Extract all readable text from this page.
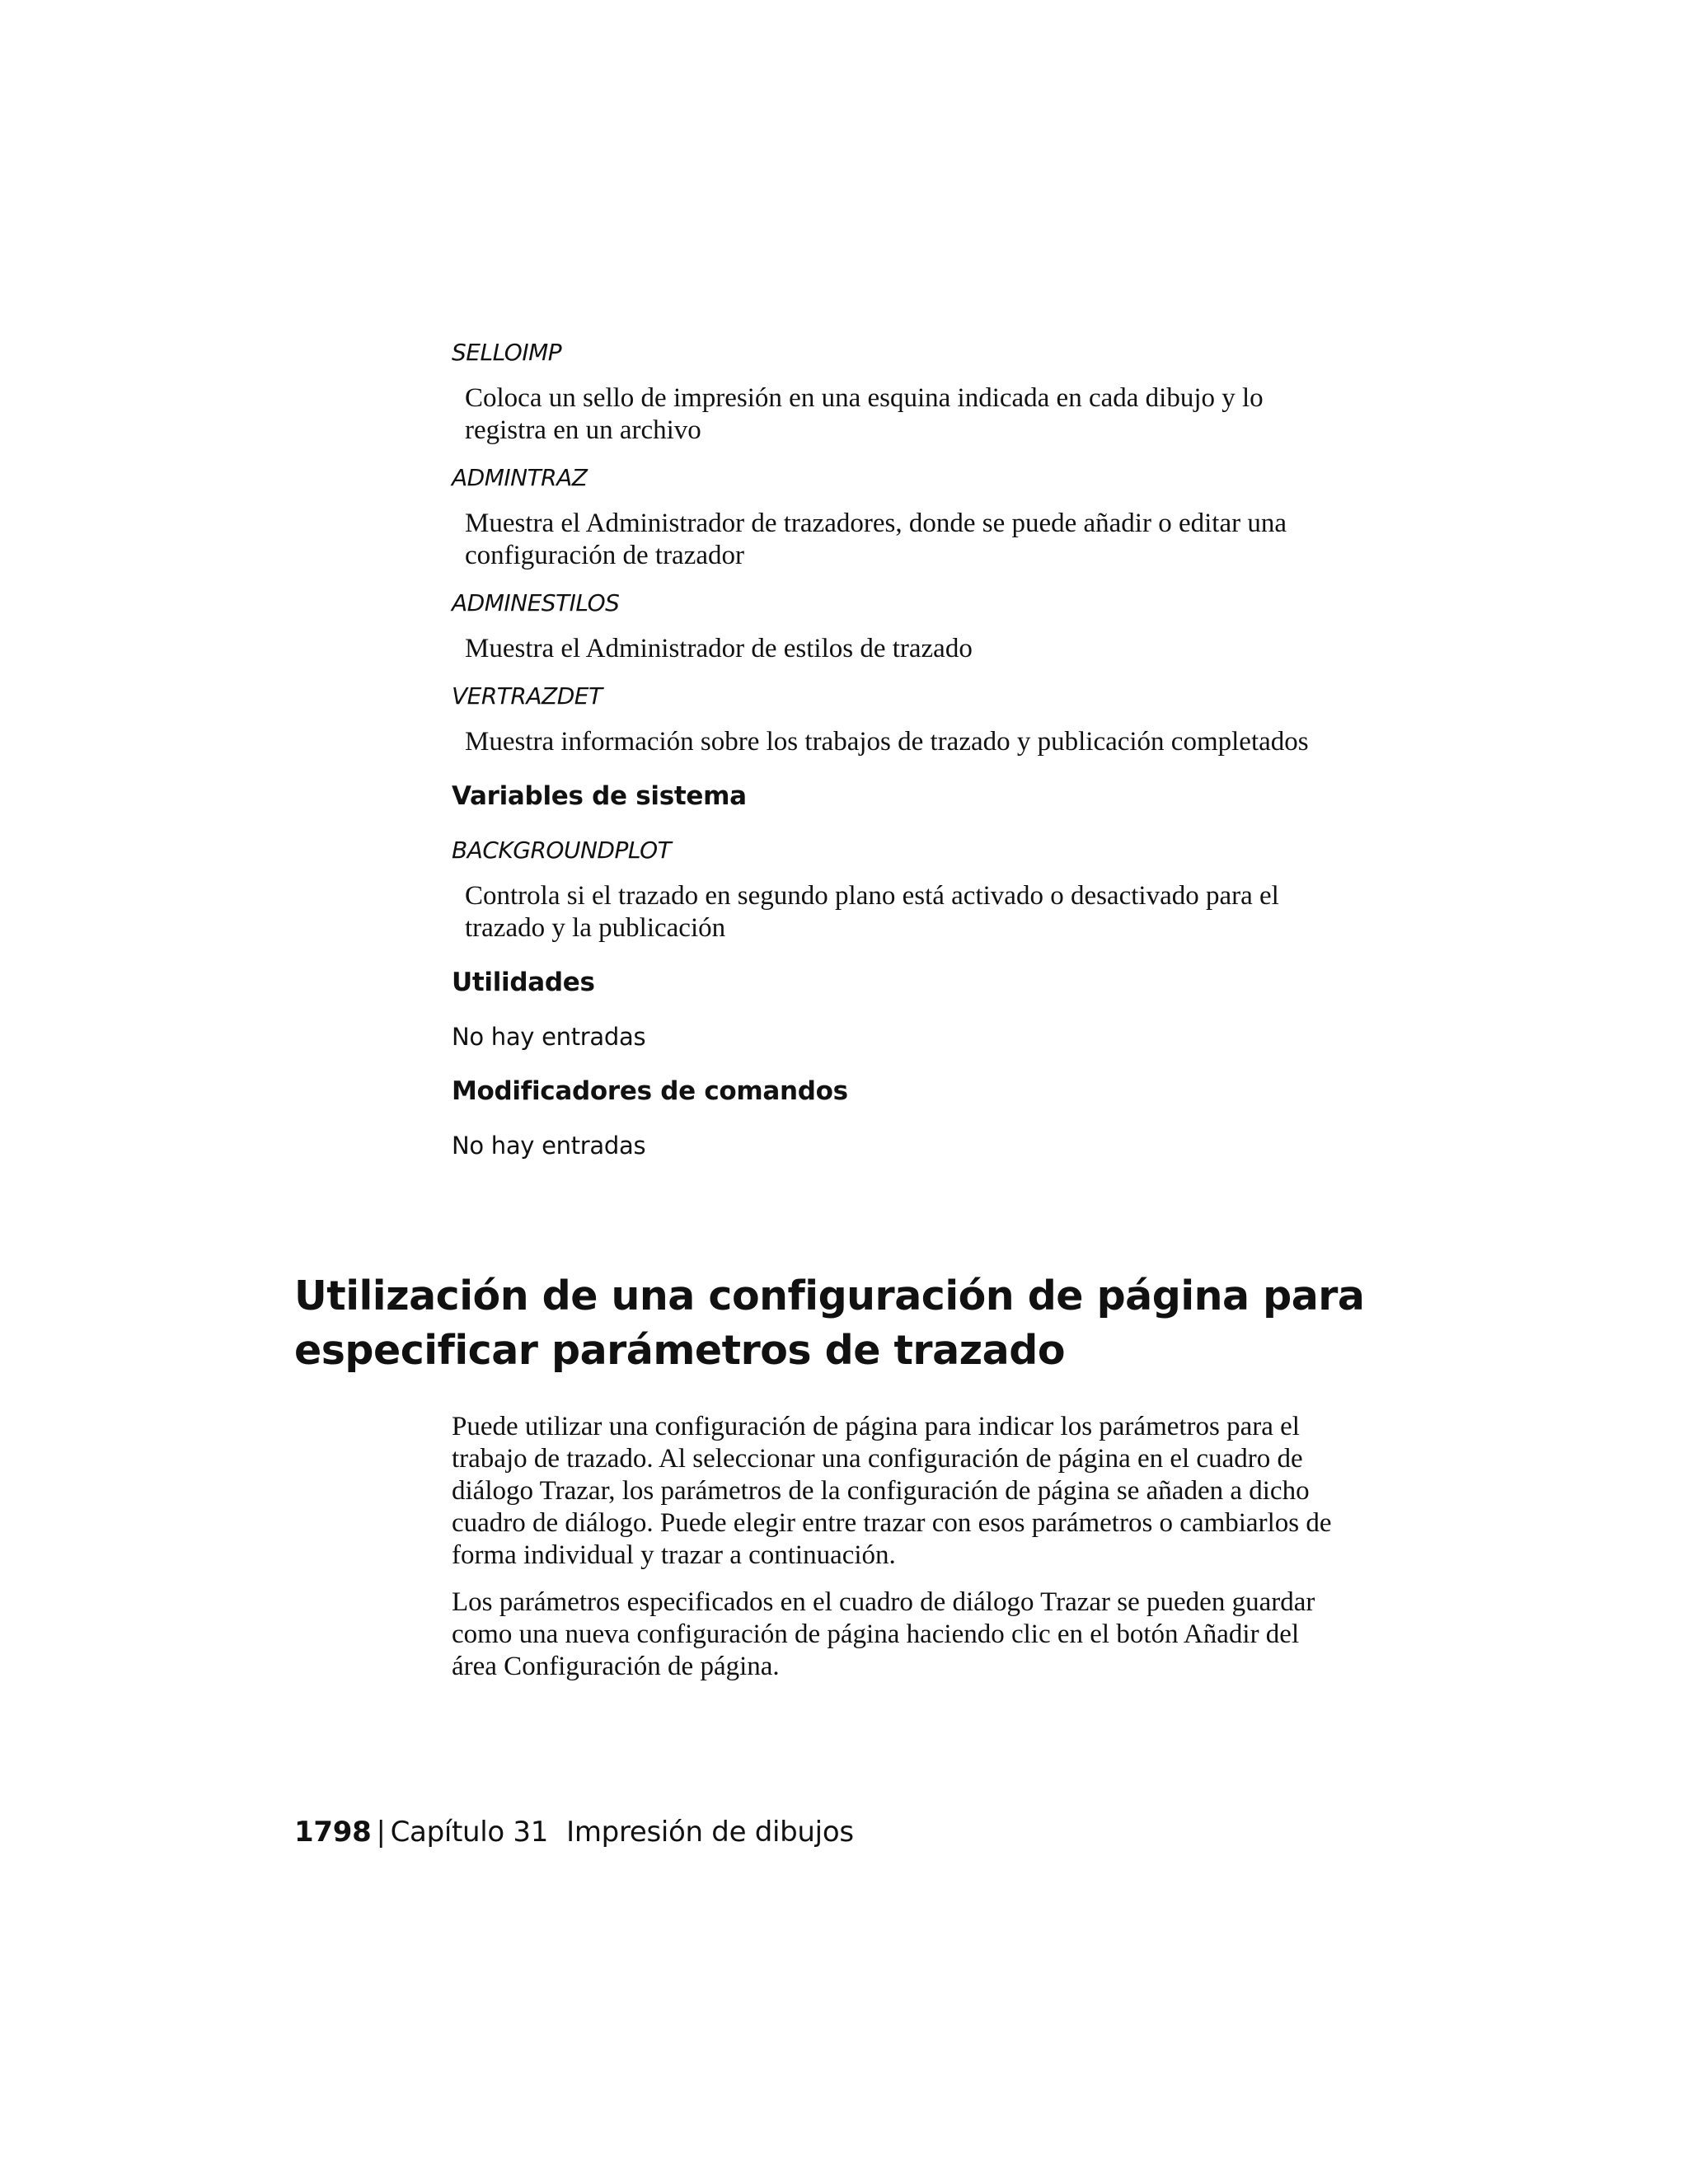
SELLOIMP

Coloca un sello de impresión en una esquina indicada en cada dibujo y lo registra en un archivo

ADMINTRAZ

Muestra el Administrador de trazadores, donde se puede añadir o editar una configuración de trazador

ADMINESTILOS

Muestra el Administrador de estilos de trazado

VERTRAZDET

Muestra información sobre los trabajos de trazado y publicación completados

Variables de sistema

BACKGROUNDPLOT

Controla si el trazado en segundo plano está activado o desactivado para el trazado y la publicación

Utilidades

No hay entradas

Modificadores de comandos

No hay entradas

Utilización de una configuración de página para
especificar parámetros de trazado

Puede utilizar una configuración de página para indicar los parámetros para el trabajo de trazado. Al seleccionar una configuración de página en el cuadro de diálogo Trazar, los parámetros de la configuración de página se añaden a dicho cuadro de diálogo. Puede elegir entre trazar con esos parámetros o cambiarlos de forma individual y trazar a continuación.

Los parámetros especificados en el cuadro de diálogo Trazar se pueden guardar como una nueva configuración de página haciendo clic en el botón Añadir del área Configuración de página.

1798 | Capítulo 31 Impresión de dibujos
